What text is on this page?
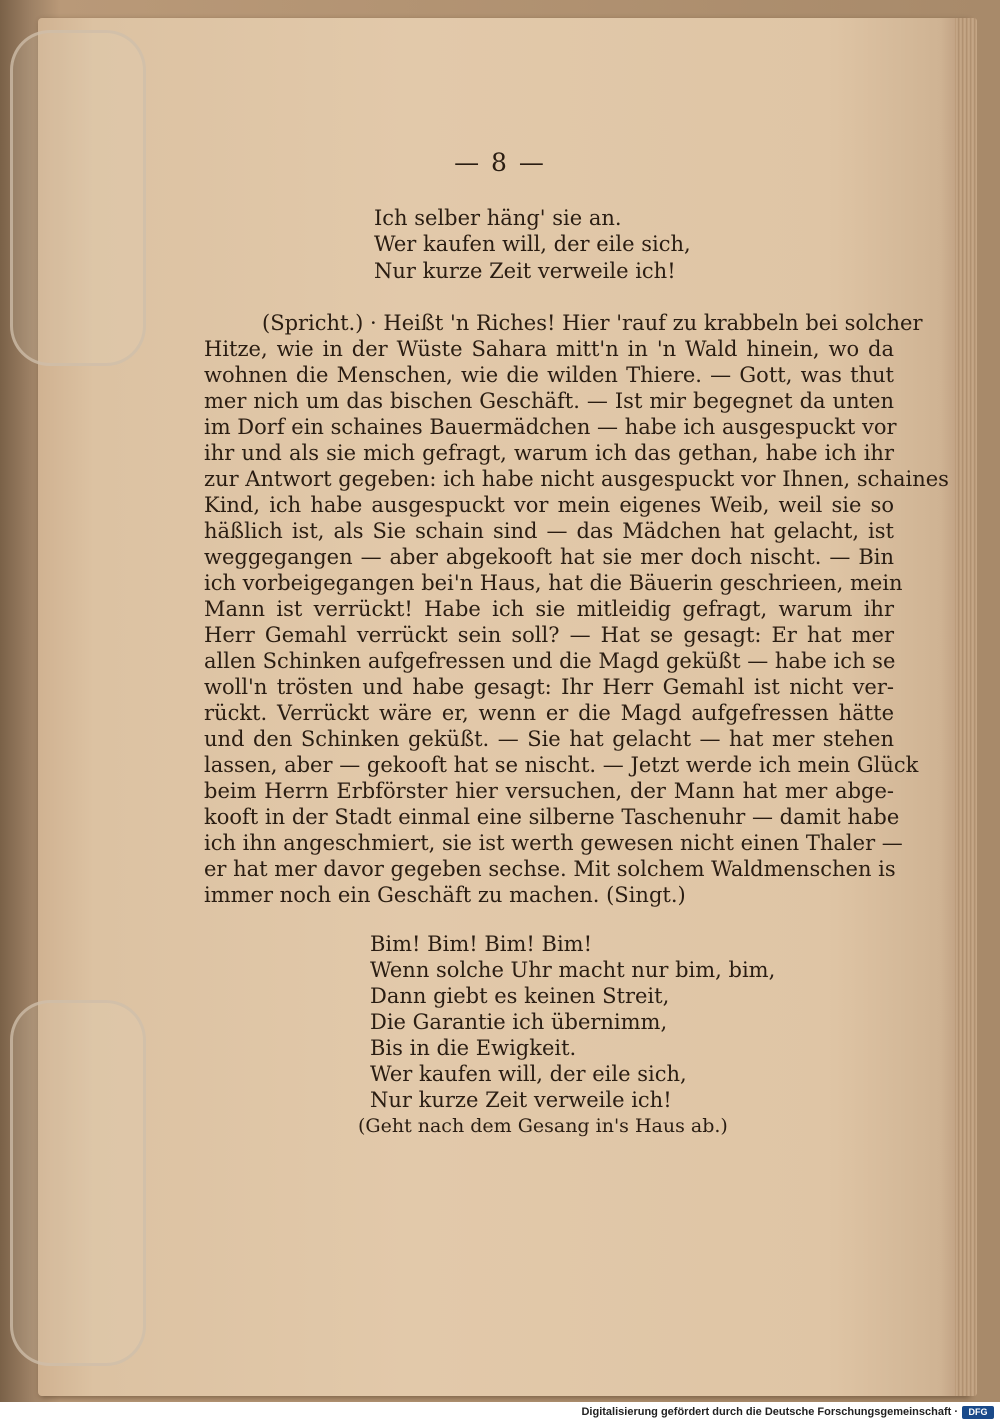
— 8 —
Ich selber häng' sie an.
Wer kaufen will, der eile sich,
Nur kurze Zeit verweile ich!
(Spricht.) · Heißt 'n Riches! Hier 'rauf zu krabbeln bei solcher
Hitze, wie in der Wüste Sahara mitt'n in 'n Wald hinein, wo da
wohnen die Menschen, wie die wilden Thiere. — Gott, was thut
mer nich um das bischen Geschäft. — Ist mir begegnet da unten
im Dorf ein schaines Bauermädchen — habe ich ausgespuckt vor
ihr und als sie mich gefragt, warum ich das gethan, habe ich ihr
zur Antwort gegeben: ich habe nicht ausgespuckt vor Ihnen, schaines
Kind, ich habe ausgespuckt vor mein eigenes Weib, weil sie so
häßlich ist, als Sie schain sind — das Mädchen hat gelacht, ist
weggegangen — aber abgekooft hat sie mer doch nischt. — Bin
ich vorbeigegangen bei'n Haus, hat die Bäuerin geschrieen, mein
Mann ist verrückt! Habe ich sie mitleidig gefragt, warum ihr
Herr Gemahl verrückt sein soll? — Hat se gesagt: Er hat mer
allen Schinken aufgefressen und die Magd geküßt — habe ich se
woll'n trösten und habe gesagt: Ihr Herr Gemahl ist nicht ver-
rückt. Verrückt wäre er, wenn er die Magd aufgefressen hätte
und den Schinken geküßt. — Sie hat gelacht — hat mer stehen
lassen, aber — gekooft hat se nischt. — Jetzt werde ich mein Glück
beim Herrn Erbförster hier versuchen, der Mann hat mer abge-
kooft in der Stadt einmal eine silberne Taschenuhr — damit habe
ich ihn angeschmiert, sie ist werth gewesen nicht einen Thaler —
er hat mer davor gegeben sechse. Mit solchem Waldmenschen is
immer noch ein Geschäft zu machen. (Singt.)
Bim! Bim! Bim! Bim!
Wenn solche Uhr macht nur bim, bim,
Dann giebt es keinen Streit,
Die Garantie ich übernimm,
Bis in die Ewigkeit.
Wer kaufen will, der eile sich,
Nur kurze Zeit verweile ich!
(Geht nach dem Gesang in's Haus ab.)
Digitalisierung gefördert durch die Deutsche Forschungsgemeinschaft ·	DFG
